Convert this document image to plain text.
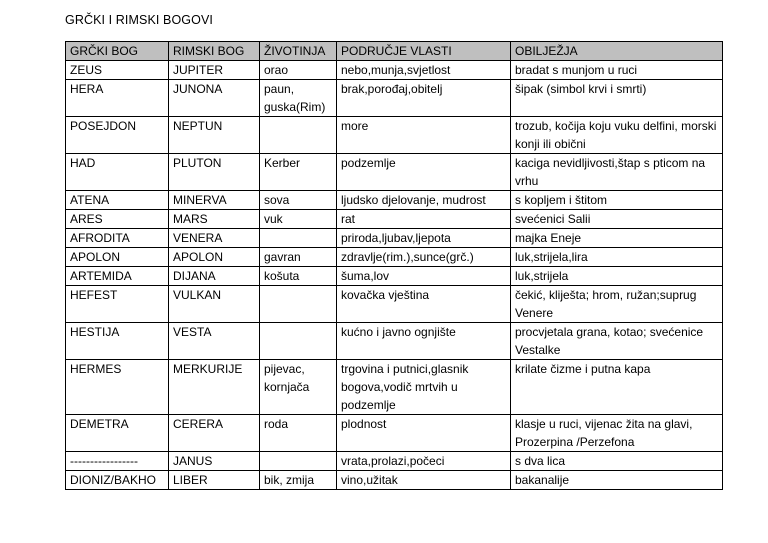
GRČKI I RIMSKI BOGOVI
GRČKI BOG	RIMSKI BOG	ŽIVOTINJA	PODRUČJE VLASTI	OBILJEŽJA
ZEUS	JUPITER	orao	nebo,munja,svjetlost	bradat s munjom u ruci
HERA	JUNONA	paun, guska(Rim)	brak,porođaj,obitelj	šipak (simbol krvi i smrti)
POSEJDON	NEPTUN		more	trozub, kočija koju vuku delfini, morski konji ili obični
HAD	PLUTON	Kerber	podzemlje	kaciga nevidljivosti,štap s pticom na vrhu
ATENA	MINERVA	sova	ljudsko djelovanje, mudrost	s kopljem i štitom
ARES	MARS	vuk	rat	svećenici Salii
AFRODITA	VENERA		priroda,ljubav,ljepota	majka Eneje
APOLON	APOLON	gavran	zdravlje(rim.),sunce(grč.)	luk,strijela,lira
ARTEMIDA	DIJANA	košuta	šuma,lov	luk,strijela
HEFEST	VULKAN		kovačka vještina	čekić, kliješta; hrom, ružan;suprug Venere
HESTIJA	VESTA		kućno i javno ognjište	procvjetala grana, kotao; svećenice Vestalke
HERMES	MERKURIJE	pijevac, kornjača	trgovina i putnici,glasnik bogova,vodič mrtvih u podzemlje	krilate čizme i putna kapa
DEMETRA	CERERA	roda	plodnost	klasje u ruci, vijenac žita na glavi, Prozerpina /Perzefona
-----------------	JANUS		vrata,prolazi,počeci	s dva lica
DIONIZ/BAKHO	LIBER	bik, zmija	vino,užitak	bakanalije
